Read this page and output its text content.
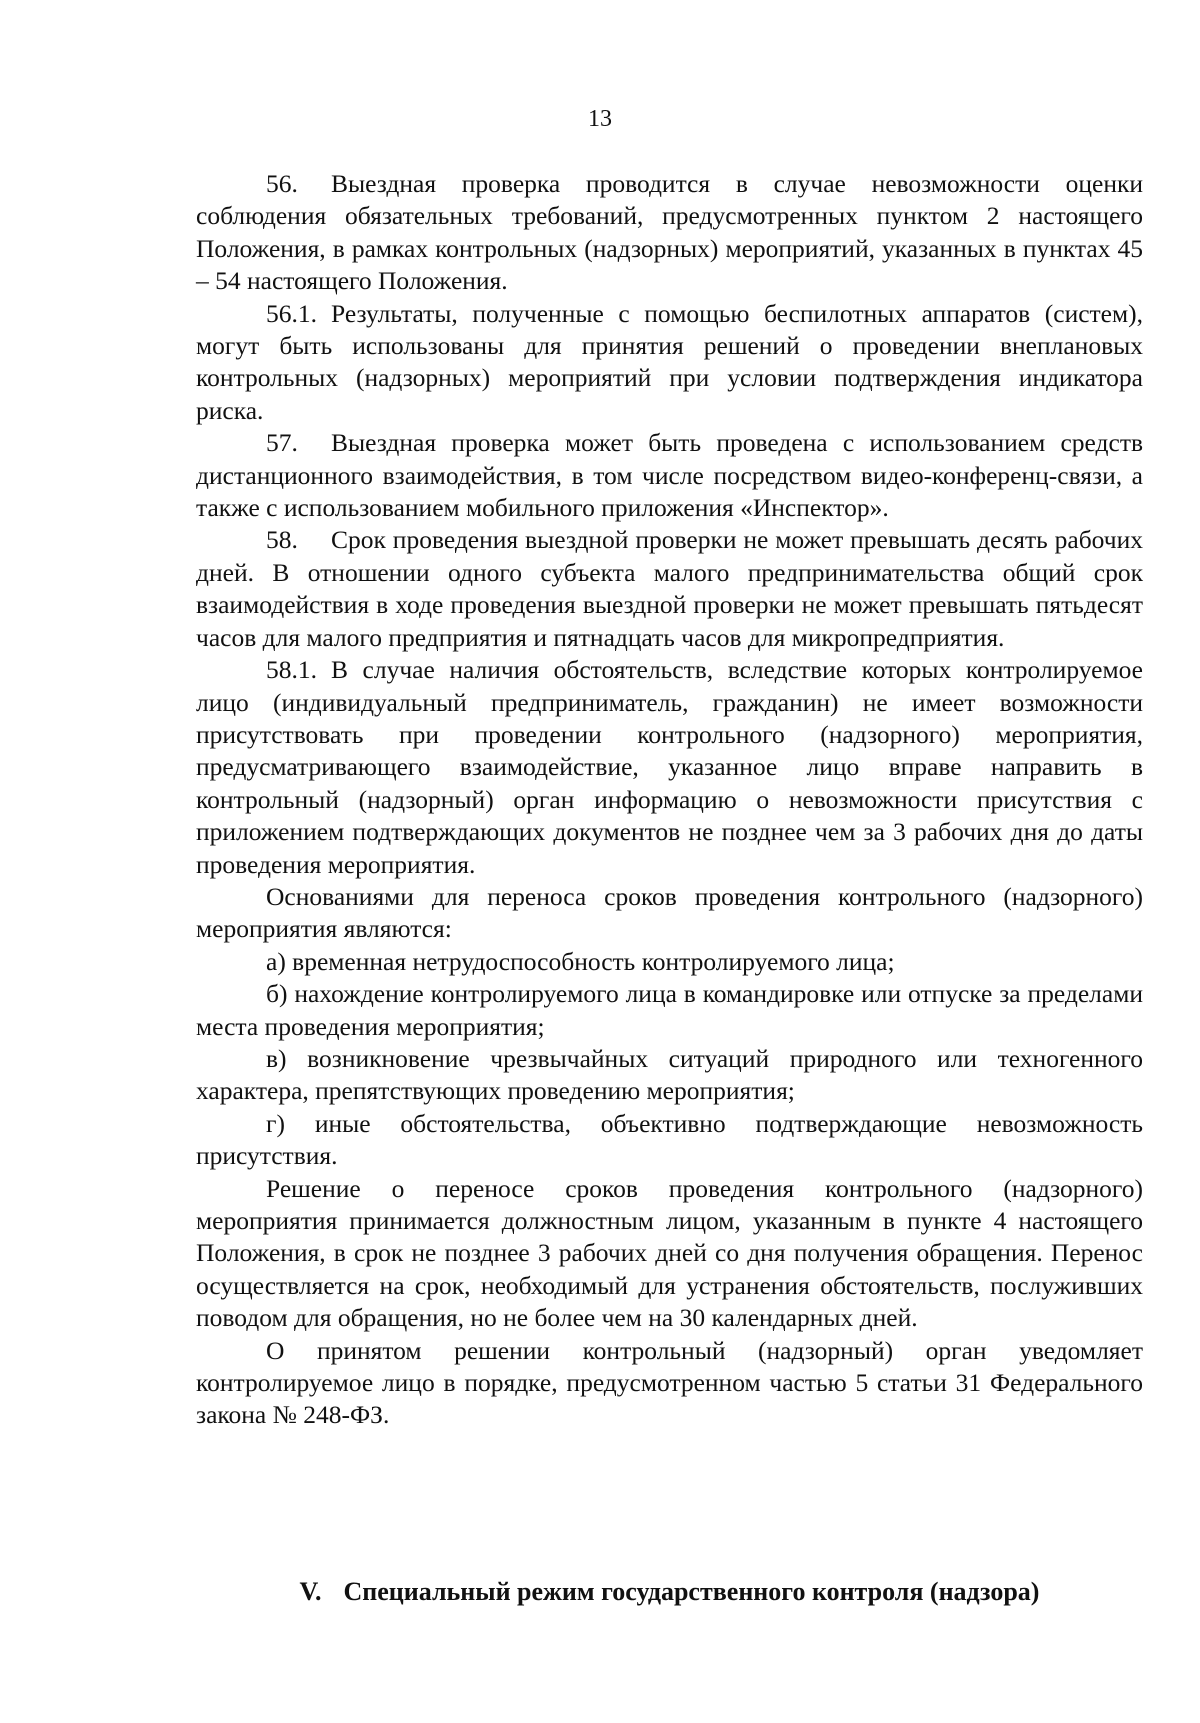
13

56. Выездная проверка проводится в случае невозможности оценки соблюдения обязательных требований, предусмотренных пунктом 2 настоящего Положения, в рамках контрольных (надзорных) мероприятий, указанных в пунктах 45 – 54 настоящего Положения.

56.1. Результаты, полученные с помощью беспилотных аппаратов (систем), могут быть использованы для принятия решений о проведении внеплановых контрольных (надзорных) мероприятий при условии подтверждения индикатора риска.

57. Выездная проверка может быть проведена с использованием средств дистанционного взаимодействия, в том числе посредством видео-конференц-связи, а также с использованием мобильного приложения «Инспектор».

58. Срок проведения выездной проверки не может превышать десять рабочих дней. В отношении одного субъекта малого предпринимательства общий срок взаимодействия в ходе проведения выездной проверки не может превышать пятьдесят часов для малого предприятия и пятнадцать часов для микропредприятия.

58.1. В случае наличия обстоятельств, вследствие которых контролируемое лицо (индивидуальный предприниматель, гражданин) не имеет возможности присутствовать при проведении контрольного (надзорного) мероприятия, предусматривающего взаимодействие, указанное лицо вправе направить в контрольный (надзорный) орган информацию о невозможности присутствия с приложением подтверждающих документов не позднее чем за 3 рабочих дня до даты проведения мероприятия.

Основаниями для переноса сроков проведения контрольного (надзорного) мероприятия являются:

а) временная нетрудоспособность контролируемого лица;

б) нахождение контролируемого лица в командировке или отпуске за пределами места проведения мероприятия;

в) возникновение чрезвычайных ситуаций природного или техногенного характера, препятствующих проведению мероприятия;

г) иные обстоятельства, объективно подтверждающие невозможность присутствия.

Решение о переносе сроков проведения контрольного (надзорного) мероприятия принимается должностным лицом, указанным в пункте 4 настоящего Положения, в срок не позднее 3 рабочих дней со дня получения обращения. Перенос осуществляется на срок, необходимый для устранения обстоятельств, послуживших поводом для обращения, но не более чем на 30 календарных дней.

О принятом решении контрольный (надзорный) орган уведомляет контролируемое лицо в порядке, предусмотренном частью 5 статьи 31 Федерального закона № 248-ФЗ.

V. Специальный режим государственного контроля (надзора)
